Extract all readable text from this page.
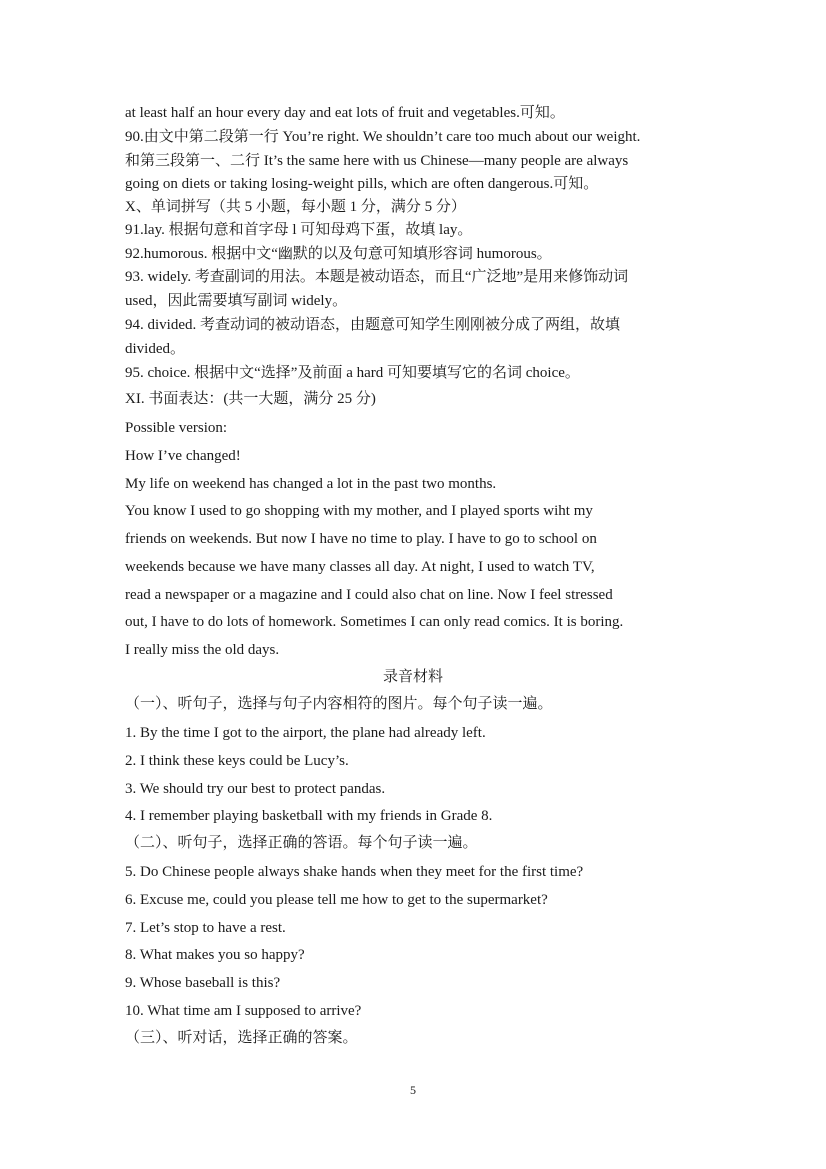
at least half an hour every day and eat lots of fruit and vegetables.可知。
90.由文中第二段第一行 You’re right. We shouldn’t care too much about our weight.
和第三段第一、二行 It’s the same here with us Chinese—many people are always
going on diets or taking losing-weight pills, which are often dangerous.可知。
X、单词拼写（共 5 小题，每小题 1 分，满分 5 分）
91.lay. 根据句意和首字母 l 可知母鸡下蛋，故填 lay。
92.humorous. 根据中文“幽默的以及句意可知填形容词 humorous。
93. widely. 考查副词的用法。本题是被动语态，而且“广泛地”是用来修饰动词
used，因此需要填写副词 widely。
94. divided. 考查动词的被动语态，由题意可知学生刚刚被分成了两组，故填
divided。
95. choice. 根据中文“选择”及前面 a hard 可知要填写它的名词 choice。
XI. 书面表达：(共一大题，满分 25 分)
Possible version:
How I’ve changed!
My life on weekend has changed a lot in the past two months.
You know I used to go shopping with my mother, and I played sports wiht my
friends on weekends. But now I have no time to play. I have to go to school on
weekends because we have many classes all day. At night, I used to watch TV,
read a newspaper or a magazine and I could also chat on line. Now I feel stressed
out, I have to do lots of homework. Sometimes I can only read comics. It is boring.
I really miss the old days.
录音材料
（一）、听句子，选择与句子内容相符的图片。每个句子读一遍。
1. By the time I got to the airport, the plane had already left.
2. I think these keys could be Lucy’s.
3. We should try our best to protect pandas.
4. I remember playing basketball with my friends in Grade 8.
（二）、听句子，选择正确的答语。每个句子读一遍。
5. Do Chinese people always shake hands when they meet for the first time?
6. Excuse me, could you please tell me how to get to the supermarket?
7. Let’s stop to have a rest.
8. What makes you so happy?
9. Whose baseball is this?
10. What time am I supposed to arrive?
（三）、听对话，选择正确的答案。
5
